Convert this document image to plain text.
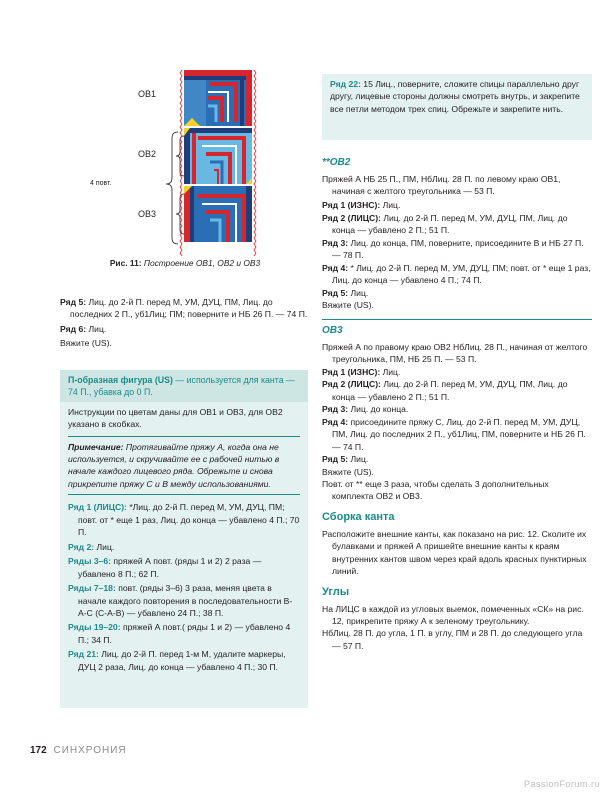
ОВ1
ОВ2
4 повт.
ОВ3
Рис. 11: Построение ОВ1, ОВ2 и ОВ3

Ряд 22: 15 Лиц., поверните, сложите спицы параллельно друг другу, лицевые стороны должны смотреть внутрь, и закрепите все петли методом трех спиц. Обрежьте и закрепите нить.

Ряд 5: Лиц. до 2-й П. перед М, УМ, ДУЦ, ПМ, Лиц. до последних 2 П., уб1Лиц; ПМ; поверните и НБ 26 П. — 74 П.

Ряд 6: Лиц.

Вяжите (US).

П-образная фигура (US) — используется для канта — 74 П., убавка до 0 П.

Инструкции по цветам даны для ОВ1 и ОВ3, для ОВ2 указано в скобках.

Примечание: Протягивайте пряжу А, когда она не используется, и скручивайте ее с рабочей нитью в начале каждого лицевого ряда. Обрежьте и снова прикрепите пряжу С и В между использованиями.

Ряд 1 (ЛИЦС): *Лиц. до 2-й П. перед М, УМ, ДУЦ, ПМ; повт. от * еще 1 раз, Лиц. до конца — убавлено 4 П.; 70 П.

Ряд 2: Лиц.

Ряды 3–6: пряжей А повт. (ряды 1 и 2) 2 раза — убавлено 8 П.; 62 П.

Ряды 7–18: повт. (ряды 3–6) 3 раза, меняя цвета в начале каждого повторения в последовательности В-А-С (С-А-В) — убавлено 24 П.; 38 П.

Ряды 19–20: пряжей А повт.( ряды 1 и 2) — убавлено 4 П.; 34 П.

Ряд 21: Лиц. до 2-й П. перед 1-м М, удалите маркеры, ДУЦ 2 раза, Лиц. до конца — убавлено 4 П.; 30 П.

**ОВ2

Пряжей А НБ 25 П., ПМ, НбЛиц. 28 П. по левому краю ОВ1, начиная с желтого треугольника — 53 П.

Ряд 1 (ИЗНС): Лиц.

Ряд 2 (ЛИЦС): Лиц. до 2-й П. перед М, УМ, ДУЦ, ПМ, Лиц. до конца — убавлено 2 П.; 51 П.

Ряд 3: Лиц. до конца, ПМ, поверните, присоедините В и НБ 27 П. — 78 П.

Ряд 4: * Лиц. до 2-й П. перед М, УМ, ДУЦ, ПМ; повт. от * еще 1 раз, Лиц. до конца — убавлено 4 П.; 74 П.

Ряд 5: Лиц.

Вяжите (US).

ОВ3

Пряжей А по правому краю ОВ2 НбЛиц. 28 П., начиная от желтого треугольника, ПМ, НБ 25 П. — 53 П.

Ряд 1 (ИЗНС): Лиц.

Ряд 2 (ЛИЦС): Лиц. до 2-й П. перед М, УМ, ДУЦ, ПМ, Лиц. до конца — убавлено 2 П.; 51 П.

Ряд 3: Лиц. до конца.

Ряд 4: присоедините пряжу С, Лиц. до 2-й П. перед М, УМ, ДУЦ, ПМ, Лиц. до последних 2 П., уб1Лиц, ПМ, поверните и НБ 26 П. — 74 П.

Ряд 5: Лиц.

Вяжите (US).

Повт. от ** еще 3 раза, чтобы сделать 3 дополнительных комплекта ОВ2 и ОВ3.

Сборка канта

Расположите внешние канты, как показано на рис. 12. Сколите их булавками и пряжей А пришейте внешние канты к краям внутренних кантов швом через край вдоль красных пунктирных линий.

Углы

На ЛИЦС в каждой из угловых выемок, помеченных «СК» на рис. 12, прикрепите пряжу А к зеленому треугольнику.

НбЛиц. 28 П. до угла, 1 П. в углу, ПМ и 28 П. до следующего угла — 57 П.

172 СИНХРОНИЯ
PassionForum.ru
